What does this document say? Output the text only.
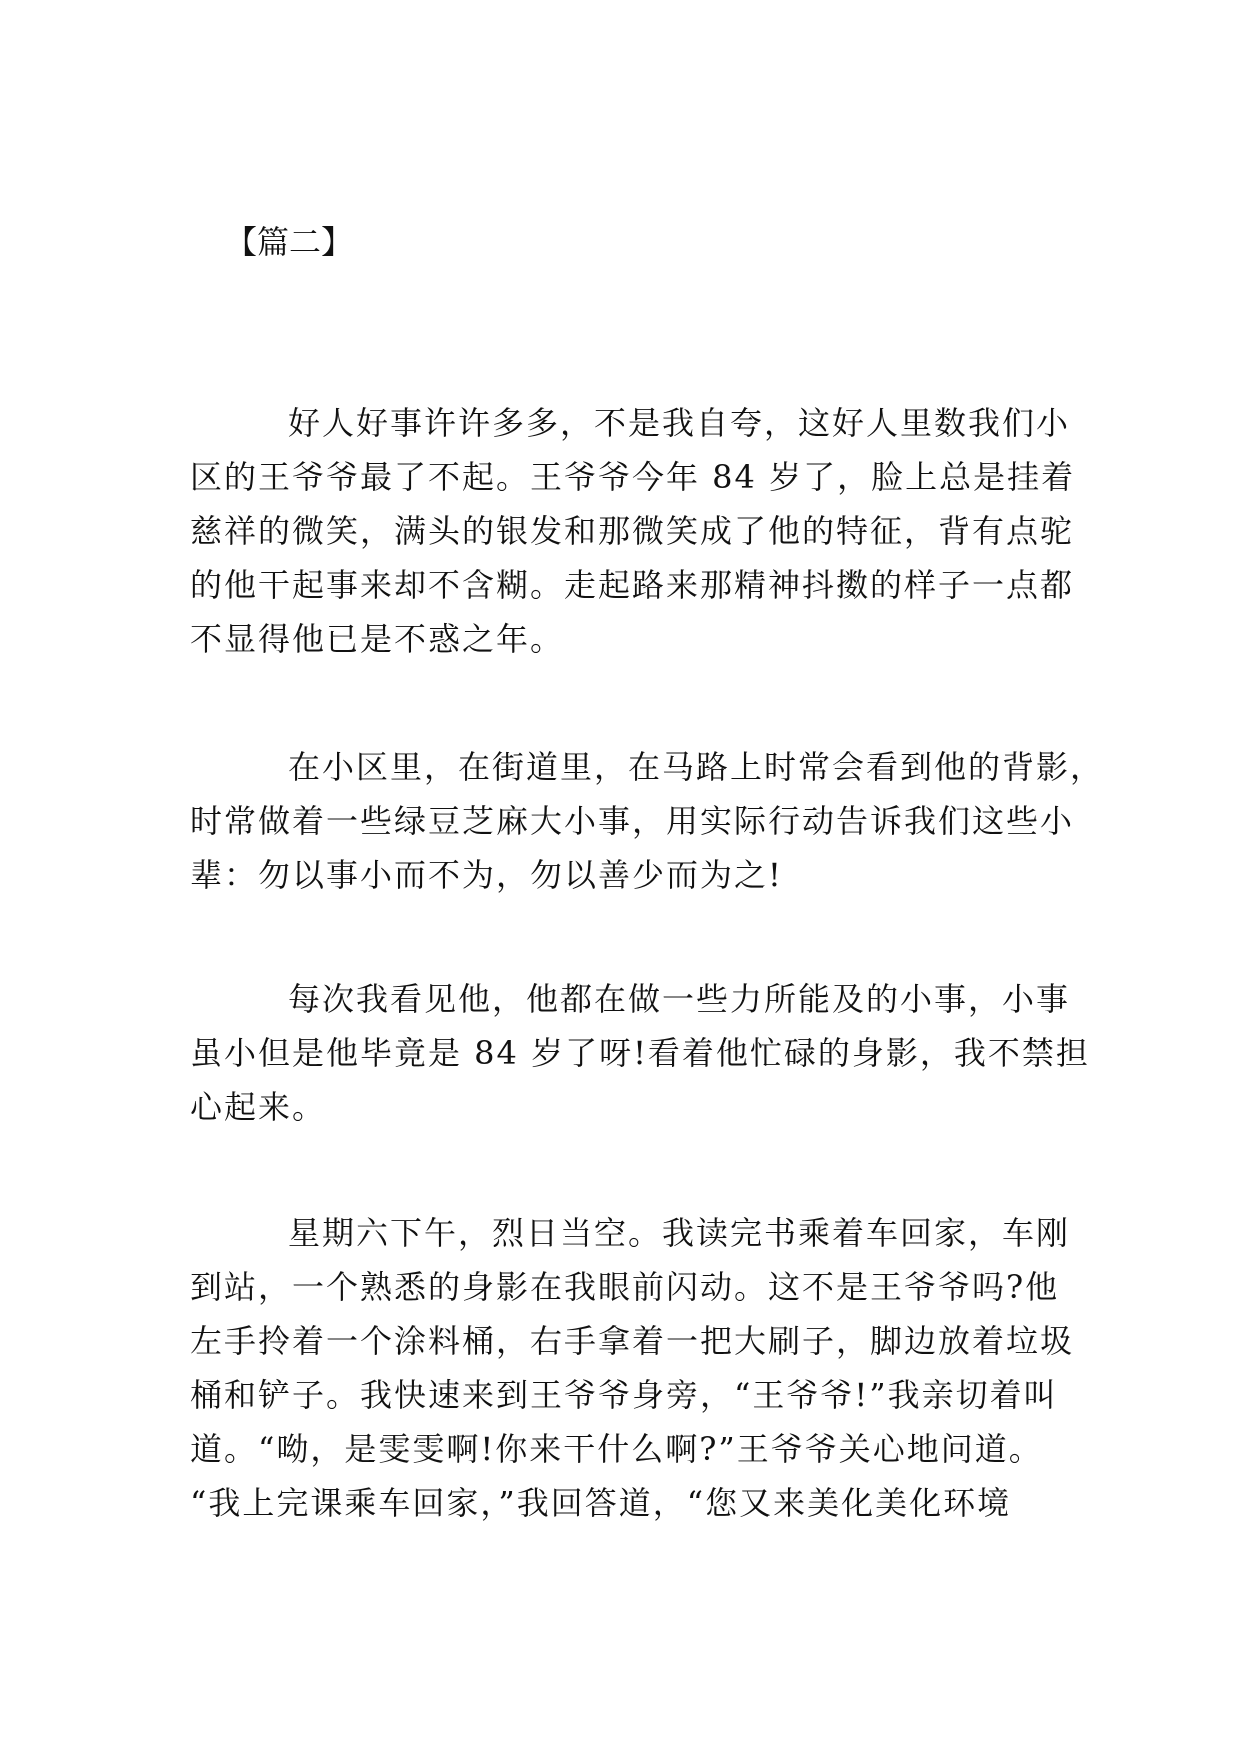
【篇二】

好人好事许许多多，不是我自夸，这好人里数我们小
区的王爷爷最了不起。王爷爷今年 84 岁了，脸上总是挂着
慈祥的微笑，满头的银发和那微笑成了他的特征，背有点驼
的他干起事来却不含糊。走起路来那精神抖擞的样子一点都
不显得他已是不惑之年。

在小区里，在街道里，在马路上时常会看到他的背影，
时常做着一些绿豆芝麻大小事，用实际行动告诉我们这些小
辈：勿以事小而不为，勿以善少而为之!

每次我看见他，他都在做一些力所能及的小事，小事
虽小但是他毕竟是 84 岁了呀!看着他忙碌的身影，我不禁担
心起来。

星期六下午，烈日当空。我读完书乘着车回家，车刚
到站，一个熟悉的身影在我眼前闪动。这不是王爷爷吗?他
左手拎着一个涂料桶，右手拿着一把大刷子，脚边放着垃圾
桶和铲子。我快速来到王爷爷身旁，“王爷爷!”我亲切着叫
道。“呦，是雯雯啊!你来干什么啊?”王爷爷关心地问道。
“我上完课乘车回家，”我回答道，“您又来美化美化环境
